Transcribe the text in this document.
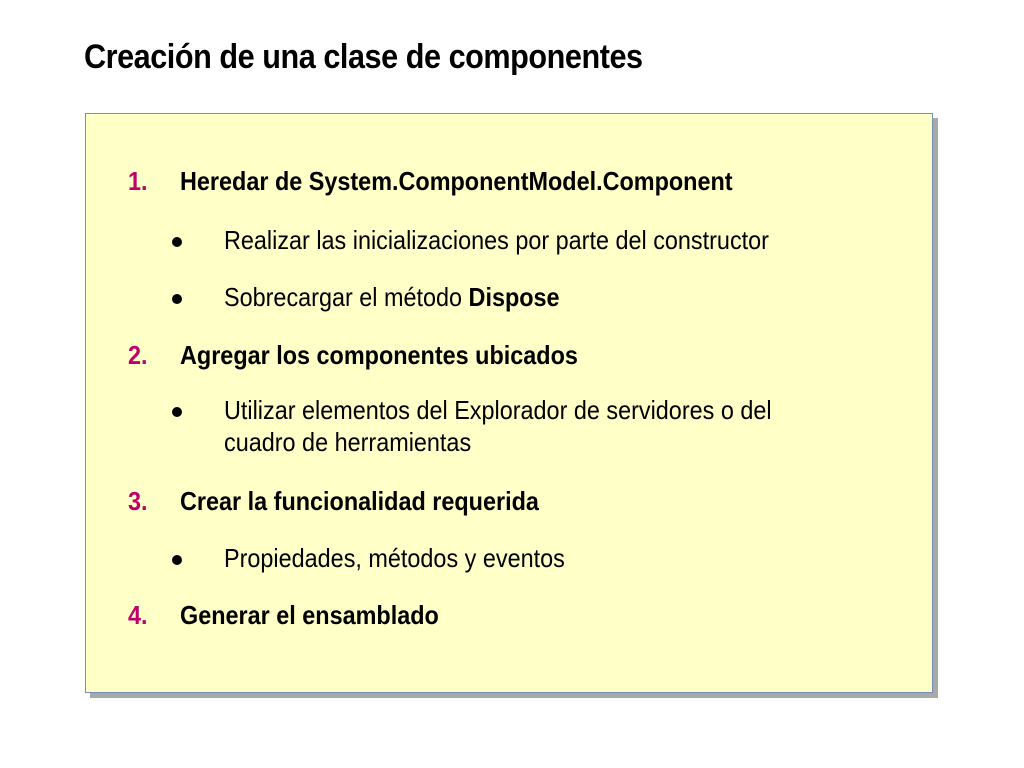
Creación de una clase de componentes
1. Heredar de System.ComponentModel.Component
Realizar las inicializaciones por parte del constructor
Sobrecargar el método Dispose
2. Agregar los componentes ubicados
Utilizar elementos del Explorador de servidores o del
cuadro de herramientas
3. Crear la funcionalidad requerida
Propiedades, métodos y eventos
4. Generar el ensamblado
